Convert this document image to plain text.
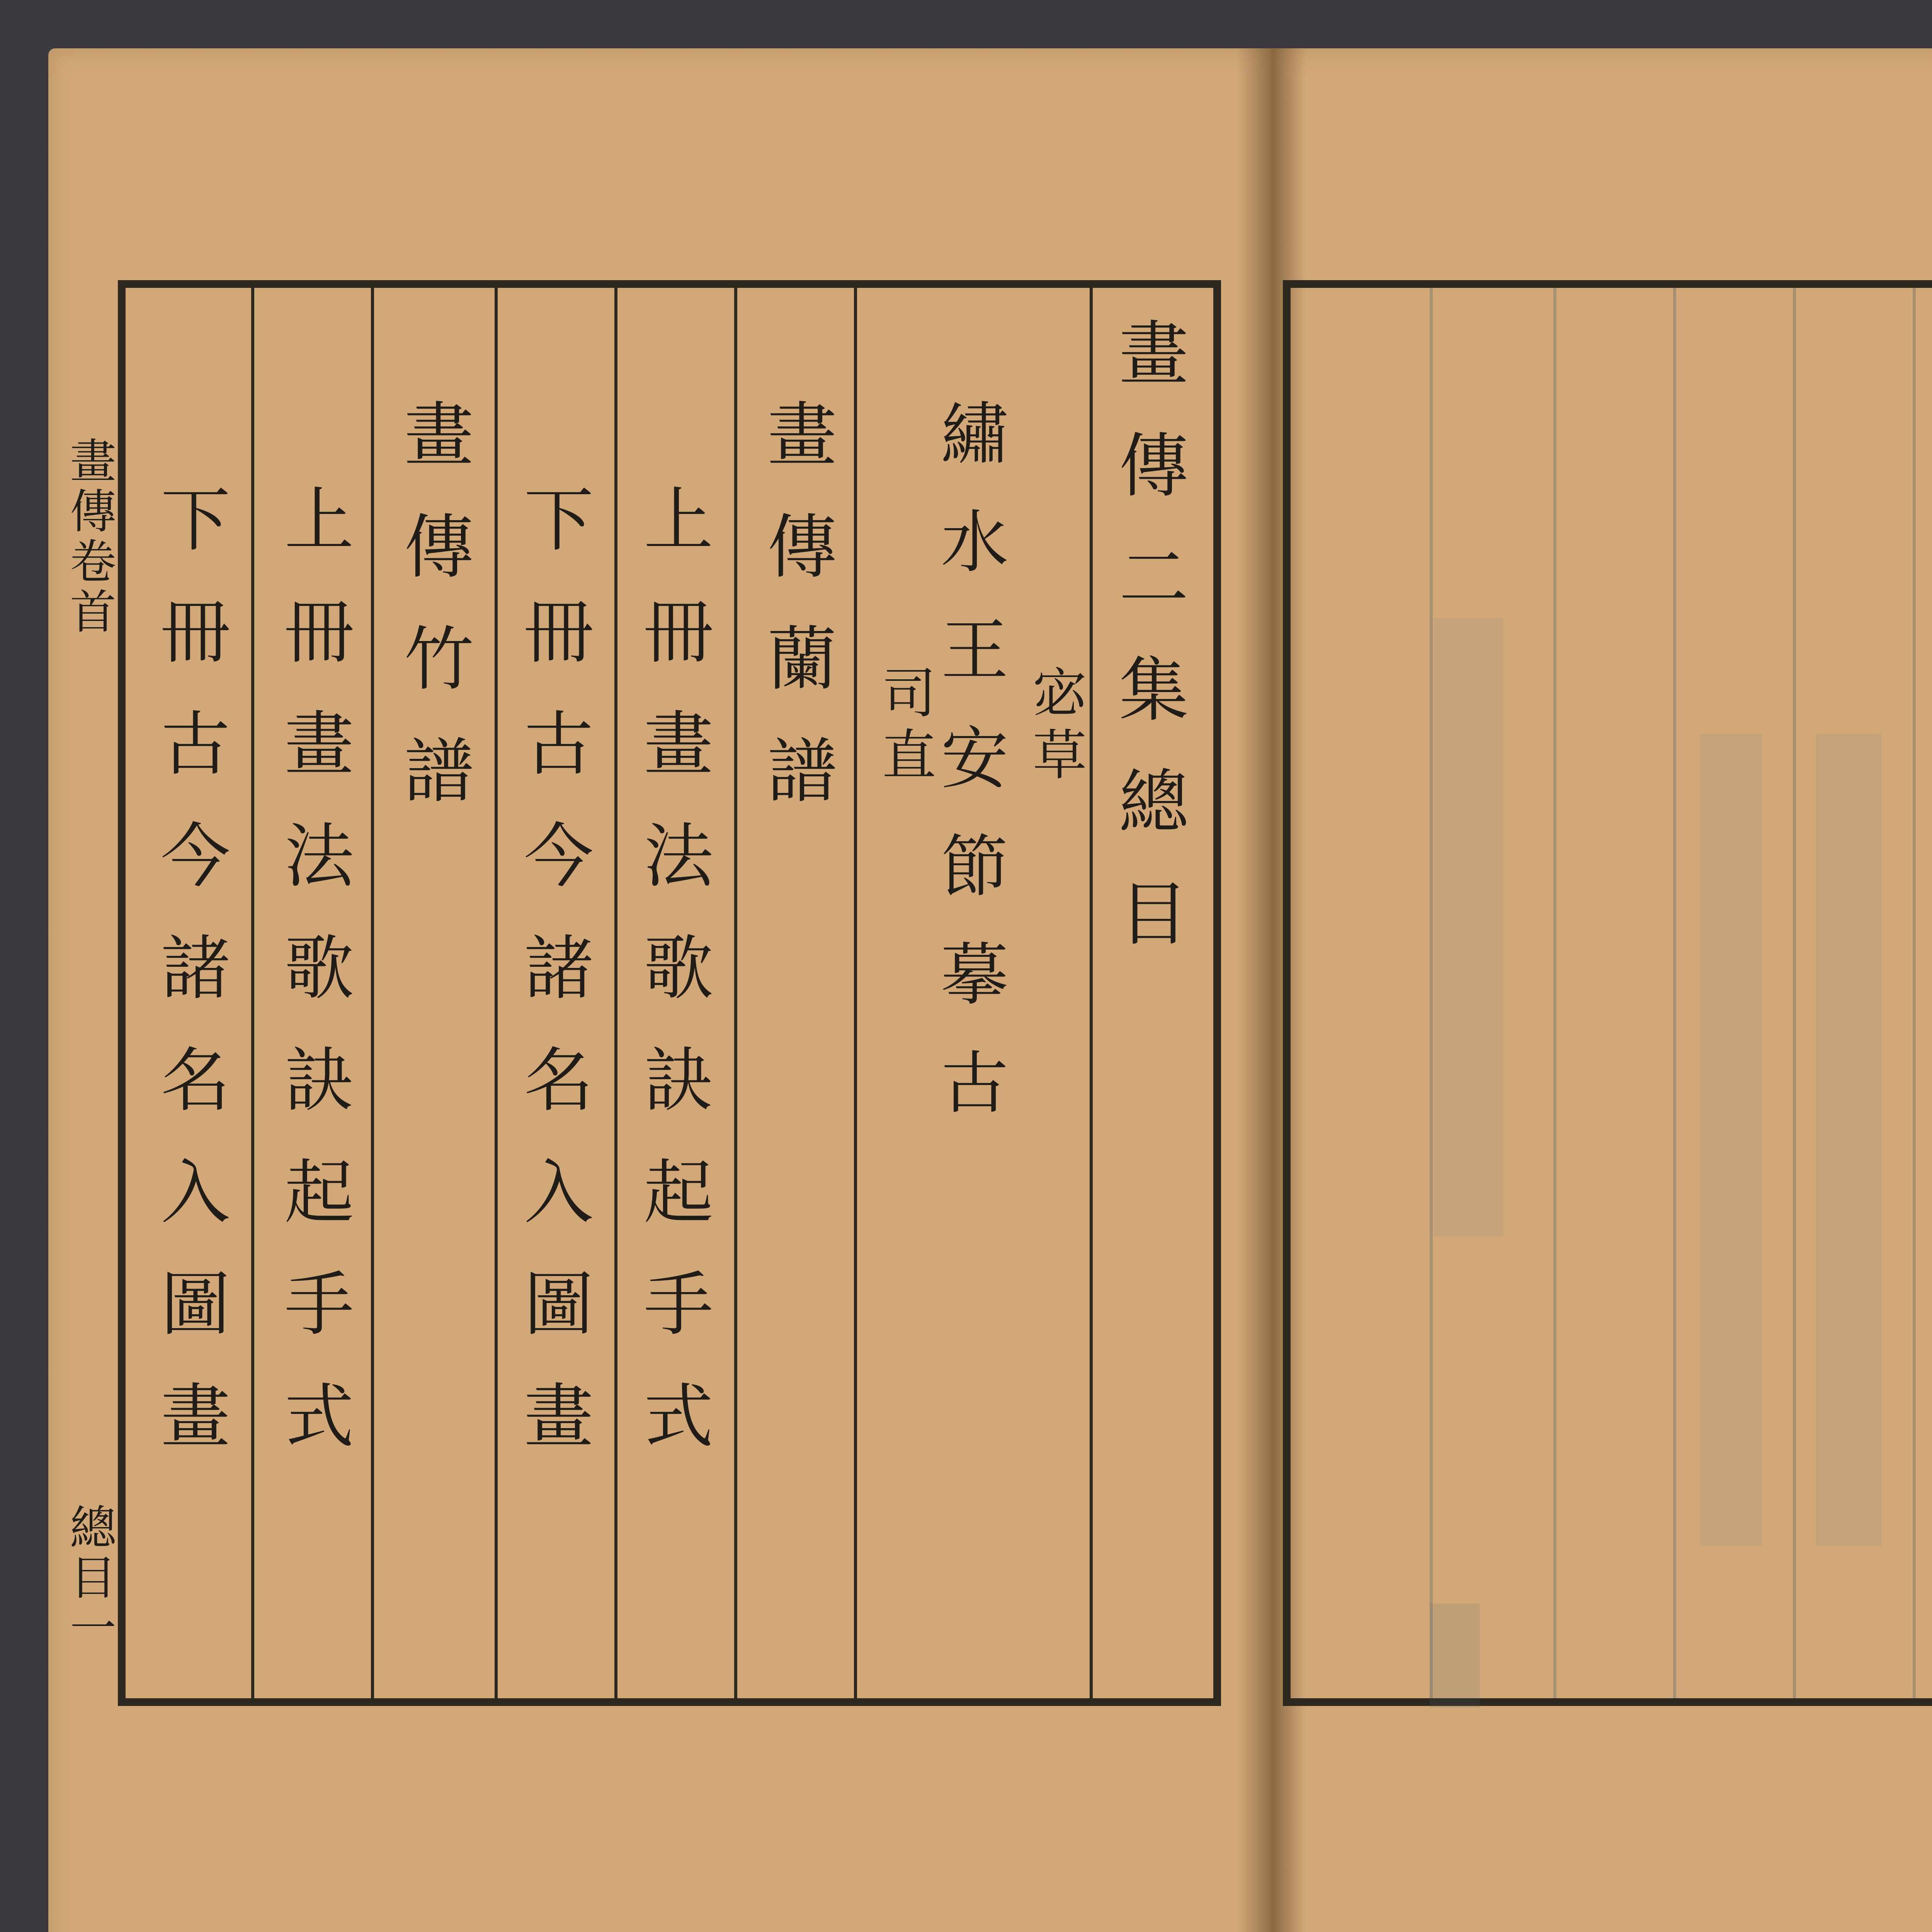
畫傳卷首
總目一
畫傳二集總目
繡水王安節摹古 宓草
司直
畫傳蘭譜
上冊畫法歌訣起手式
下冊古今諸名入圖畫
畫傳竹譜
上冊畫法歌訣起手式
下冊古今諸名入圖畫
